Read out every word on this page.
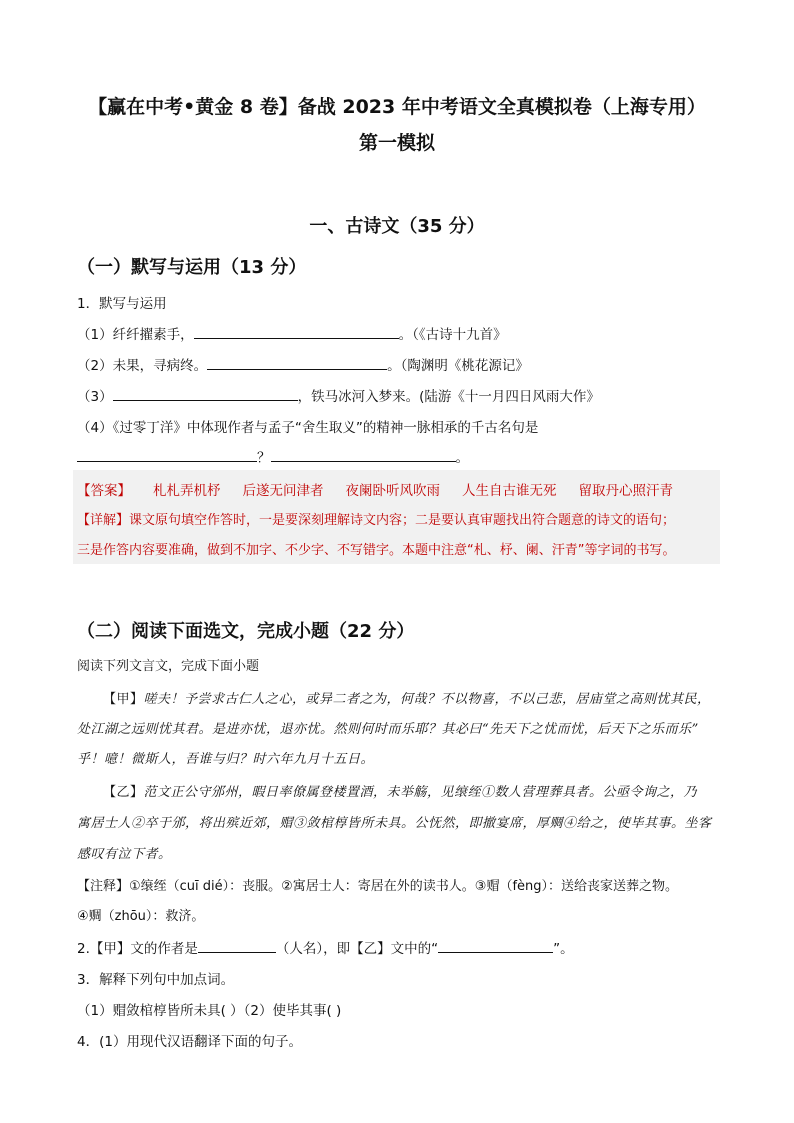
【赢在中考•黄金 8 卷】备战 2023 年中考语文全真模拟卷（上海专用）
第一模拟
一、古诗文（35 分）
（一）默写与运用（13 分）
1．默写与运用
（1）纤纤擢素手，	。（《古诗十九首》
（2）未果，寻病终。	。（陶渊明《桃花源记》
（3）	，铁马冰河入梦来。(陆游《十一月四日风雨大作》
（4）《过零丁洋》中体现作者与孟子“舍生取义”的精神一脉相承的千古名句是
？	。
【答案】 札札弄机杼 后遂无问津者 夜阑卧听风吹雨 人生自古谁无死 留取丹心照汗青
【详解】课文原句填空作答时，一是要深刻理解诗文内容；二是要认真审题找出符合题意的诗文的语句；
三是作答内容要准确，做到不加字、不少字、不写错字。本题中注意“札、杼、阑、汗青”等字词的书写。
（二）阅读下面选文，完成小题（22 分）
阅读下列文言文，完成下面小题
【甲】嗟夫！予尝求古仁人之心，或异二者之为，何哉？不以物喜，不以己悲，居庙堂之高则忧其民，
处江湖之远则忧其君。是进亦忧，退亦忧。然则何时而乐耶？其必曰“先天下之忧而忧，后天下之乐而乐”
乎！噫！微斯人，吾谁与归？时六年九月十五日。
【乙】范文正公守邠州，暇日率僚属登楼置酒，未举觞，见缞绖①数人营理葬具者。公亟令询之，乃
寓居士人②卒于邠，将出殡近郊，赗③敛棺椁皆所未具。公怃然，即撤宴席，厚赒④给之，使毕其事。坐客
感叹有泣下者。
【注释】①缞绖（cuī dié）：丧服。②寓居士人：寄居在外的读书人。③赗（fèng）：送给丧家送葬之物。
④赒（zhōu）：救济。
2.【甲】文的作者是	（人名），即【乙】文中的“	”。
3．解释下列句中加点词。
（1）赗敛棺椁皆所未具( ）（2）使毕其事( )
4．(1）用现代汉语翻译下面的句子。
